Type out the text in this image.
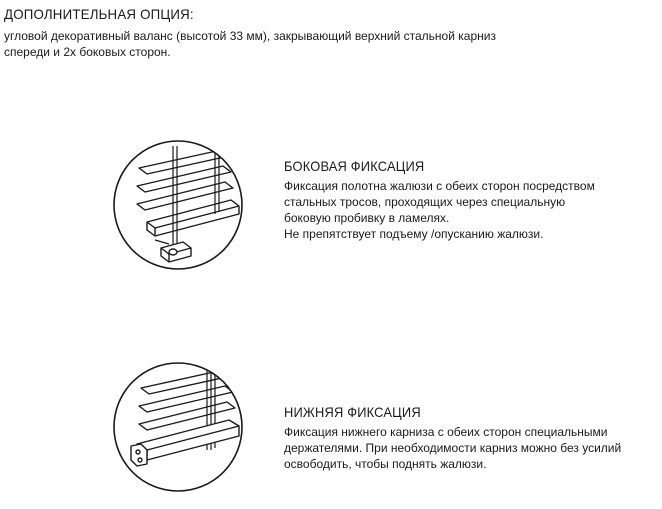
ДОПОЛНИТЕЛЬНАЯ ОПЦИЯ:

угловой декоративный валанс (высотой 33 мм), закрывающий верхний стальной карниз
спереди и 2х боковых сторон.

БОКОВАЯ ФИКСАЦИЯ

Фиксация полотна жалюзи с обеих сторон посредством
стальных тросов, проходящих через специальную
боковую пробивку в ламелях.
Не препятствует подъему /опусканию жалюзи.

НИЖНЯЯ ФИКСАЦИЯ

Фиксация нижнего карниза с обеих сторон специальными
держателями. При необходимости карниз можно без усилий
освободить, чтобы поднять жалюзи.
